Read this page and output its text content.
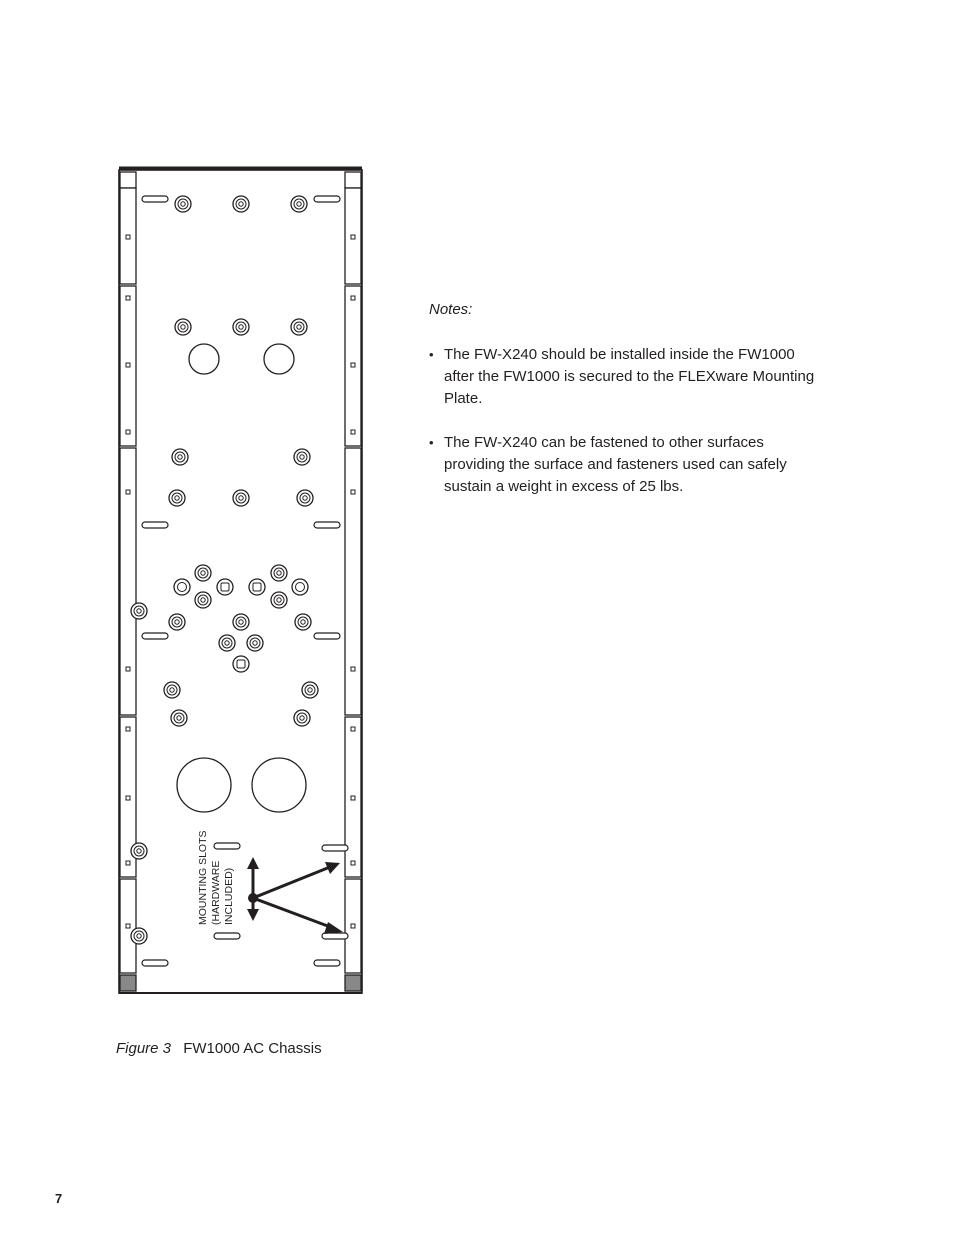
MOUNTING SLOTS (HARDWARE INCLUDED)

Notes:

• The FW-X240 should be installed inside the FW1000 after the FW1000 is secured to the FLEXware Mounting Plate.
• The FW-X240 can be fastened to other surfaces providing the surface and fasteners used can safely sustain a weight in excess of 25 lbs.
Figure 3 FW1000 AC Chassis
7
